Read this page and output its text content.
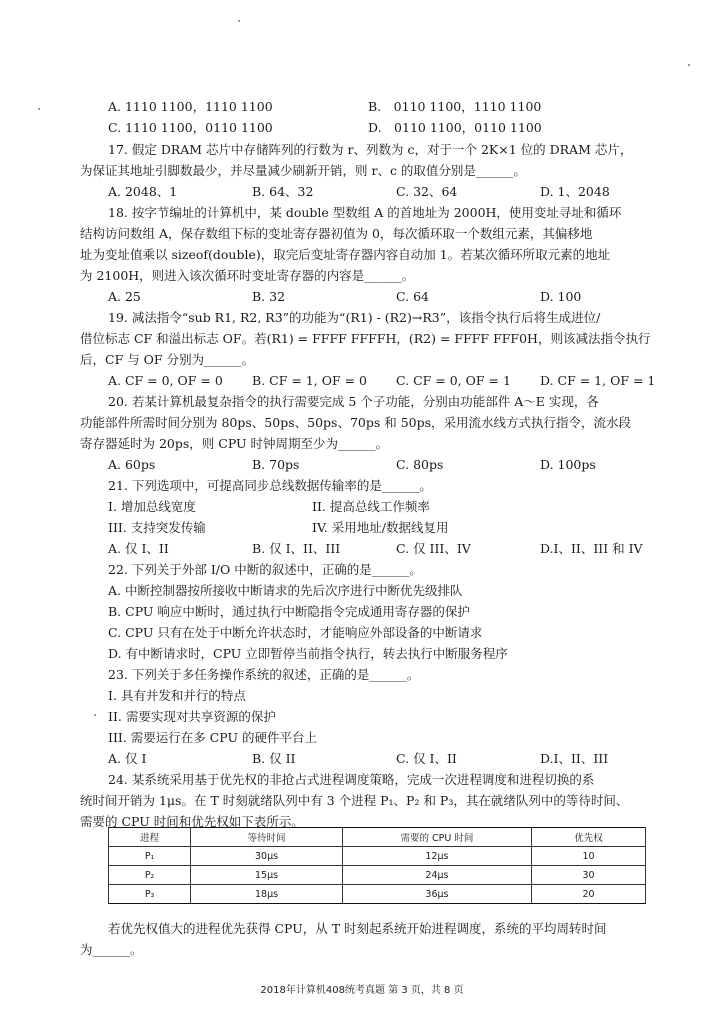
A. 1110 1100，1110 1100	B.　0110 1100，1110 1100
C. 1110 1100，0110 1100	D.　0110 1100，0110 1100
17. 假定 DRAM 芯片中存储阵列的行数为 r、列数为 c，对于一个 2K×1 位的 DRAM 芯片，
为保证其地址引脚数最少，并尽量减少刷新开销，则 r、c 的取值分别是______。
A. 2048、1	B. 64、32	C. 32、64	D. 1、2048
18. 按字节编址的计算机中，某 double 型数组 A 的首地址为 2000H，使用变址寻址和循环
结构访问数组 A，保存数组下标的变址寄存器初值为 0，每次循环取一个数组元素，其偏移地
址为变址值乘以 sizeof(double)，取完后变址寄存器内容自动加 1。若某次循环所取元素的地址
为 2100H，则进入该次循环时变址寄存器的内容是______。
A. 25	B. 32	C. 64	D. 100
19. 减法指令“sub R1, R2, R3”的功能为“(R1) - (R2)→R3”，该指令执行后将生成进位/
借位标志 CF 和溢出标志 OF。若(R1) = FFFF FFFFH，(R2) = FFFF FFF0H，则该减法指令执行
后，CF 与 OF 分别为______。
A. CF = 0, OF = 0 B. CF = 1, OF = 0 C. CF = 0, OF = 1 D. CF = 1, OF = 1
20. 若某计算机最复杂指令的执行需要完成 5 个子功能，分别由功能部件 A～E 实现，各
功能部件所需时间分别为 80ps、50ps、50ps、70ps 和 50ps，采用流水线方式执行指令，流水段
寄存器延时为 20ps，则 CPU 时钟周期至少为______。
A. 60ps	B. 70ps	C. 80ps	D. 100ps
21. 下列选项中，可提高同步总线数据传输率的是______。
I. 增加总线宽度	II. 提高总线工作频率
III. 支持突发传输	IV. 采用地址/数据线复用
A. 仅 I、II	B. 仅 I、II、III	C. 仅 III、IV	D.I、II、III 和 IV
22. 下列关于外部 I/O 中断的叙述中，正确的是______。
A. 中断控制器按所接收中断请求的先后次序进行中断优先级排队
B. CPU 响应中断时，通过执行中断隐指令完成通用寄存器的保护
C. CPU 只有在处于中断允许状态时，才能响应外部设备的中断请求
D. 有中断请求时，CPU 立即暂停当前指令执行，转去执行中断服务程序
23. 下列关于多任务操作系统的叙述，正确的是______。
I. 具有并发和并行的特点
II. 需要实现对共享资源的保护
III. 需要运行在多 CPU 的硬件平台上
A. 仅 I	B. 仅 II	C. 仅 I、II	D.I、II、III
24. 某系统采用基于优先权的非抢占式进程调度策略，完成一次进程调度和进程切换的系
统时间开销为 1μs。在 T 时刻就绪队列中有 3 个进程 P₁、P₂ 和 P₃，其在就绪队列中的等待时间、
需要的 CPU 时间和优先权如下表所示。
进程	等待时间	需要的 CPU 时间	优先权
P₁	30μs	12μs	10
P₂	15μs	24μs	30
P₃	18μs	36μs	20
若优先权值大的进程优先获得 CPU，从 T 时刻起系统开始进程调度，系统的平均周转时间
为______。
2018年计算机408统考真题 第 3 页，共 8 页
